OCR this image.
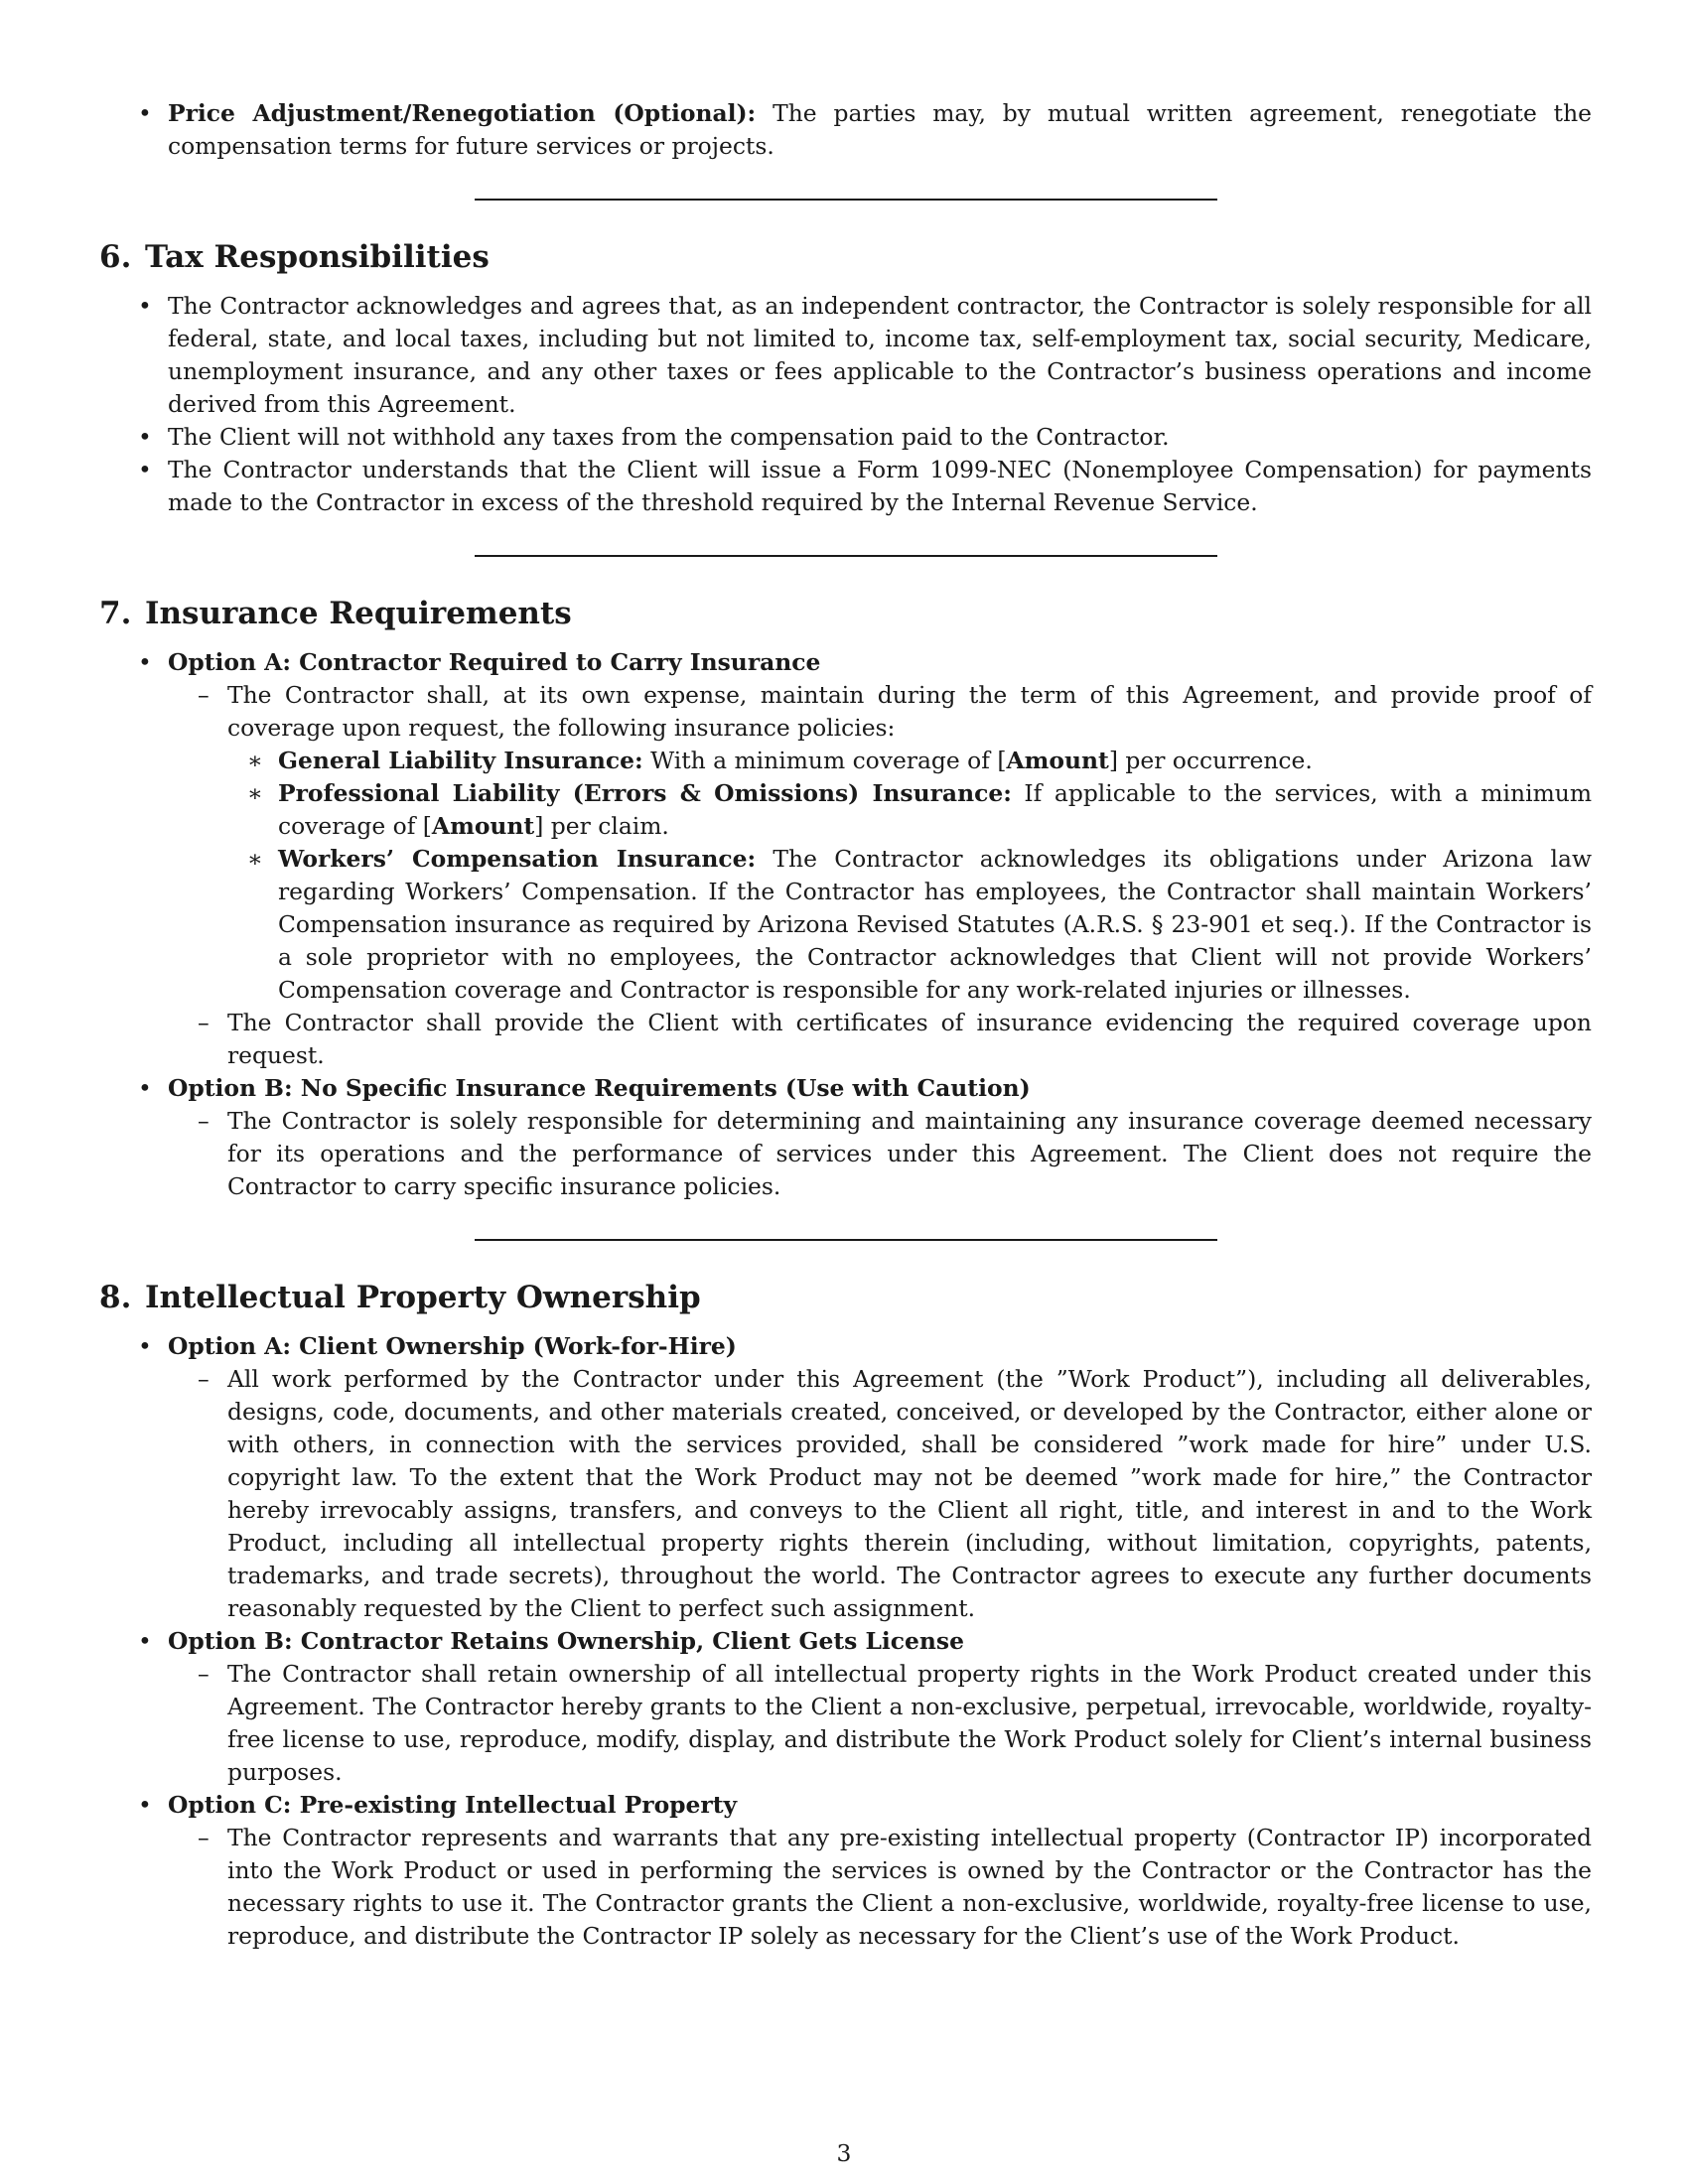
• Price Adjustment/Renegotiation (Optional): The parties may, by mutual written agreement, renegotiate the compensation terms for future services or projects.
6. Tax Responsibilities
• The Contractor acknowledges and agrees that, as an independent contractor, the Contractor is solely responsible for all federal, state, and local taxes, including but not limited to, income tax, self-employment tax, social security, Medicare, unemployment insurance, and any other taxes or fees applicable to the Contractor’s business operations and income derived from this Agreement.
• The Client will not withhold any taxes from the compensation paid to the Contractor.
• The Contractor understands that the Client will issue a Form 1099-NEC (Nonemployee Compensation) for payments made to the Contractor in excess of the threshold required by the Internal Revenue Service.
7. Insurance Requirements
• Option A: Contractor Required to Carry Insurance
– The Contractor shall, at its own expense, maintain during the term of this Agreement, and provide proof of coverage upon request, the following insurance policies:
∗ General Liability Insurance: With a minimum coverage of [Amount] per occurrence.
∗ Professional Liability (Errors & Omissions) Insurance: If applicable to the services, with a minimum coverage of [Amount] per claim.
∗ Workers’ Compensation Insurance: The Contractor acknowledges its obligations under Arizona law regarding Workers’ Compensation. If the Contractor has employees, the Contractor shall maintain Workers’ Compensation insurance as required by Arizona Revised Statutes (A.R.S. § 23-901 et seq.). If the Contractor is a sole proprietor with no employees, the Contractor acknowledges that Client will not provide Workers’ Compensation coverage and Contractor is responsible for any work-related injuries or illnesses.
– The Contractor shall provide the Client with certificates of insurance evidencing the required coverage upon request.
• Option B: No Specific Insurance Requirements (Use with Caution)
– The Contractor is solely responsible for determining and maintaining any insurance coverage deemed necessary for its operations and the performance of services under this Agreement. The Client does not require the Contractor to carry specific insurance policies.
8. Intellectual Property Ownership
• Option A: Client Ownership (Work-for-Hire)
– All work performed by the Contractor under this Agreement (the ”Work Product”), including all deliverables, designs, code, documents, and other materials created, conceived, or developed by the Contractor, either alone or with others, in connection with the services provided, shall be considered ”work made for hire” under U.S. copyright law. To the extent that the Work Product may not be deemed ”work made for hire,” the Contractor hereby irrevocably assigns, transfers, and conveys to the Client all right, title, and interest in and to the Work Product, including all intellectual property rights therein (including, without limitation, copyrights, patents, trademarks, and trade secrets), throughout the world. The Contractor agrees to execute any further documents reasonably requested by the Client to perfect such assignment.
• Option B: Contractor Retains Ownership, Client Gets License
– The Contractor shall retain ownership of all intellectual property rights in the Work Product created under this Agreement. The Contractor hereby grants to the Client a non-exclusive, perpetual, irrevocable, worldwide, royalty-free license to use, reproduce, modify, display, and distribute the Work Product solely for Client’s internal business purposes.
• Option C: Pre-existing Intellectual Property
– The Contractor represents and warrants that any pre-existing intellectual property (Contractor IP) incorporated into the Work Product or used in performing the services is owned by the Contractor or the Contractor has the necessary rights to use it. The Contractor grants the Client a non-exclusive, worldwide, royalty-free license to use, reproduce, and distribute the Contractor IP solely as necessary for the Client’s use of the Work Product.
3
